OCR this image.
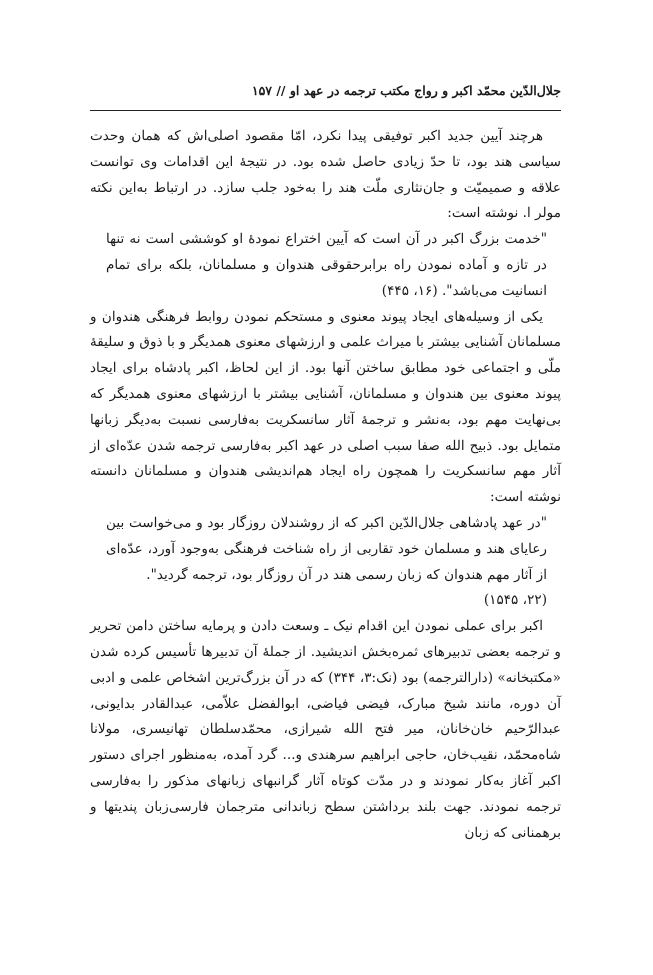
جلال‌الدّین محمّد اکبر و رواج مکتب ترجمه در عهد او // ۱۵۷

هرچند آیین جدید اکبر توفیقی پیدا نکرد، امّا مقصود اصلی‌اش که همان وحدت سیاسی هند بود، تا حدّ زیادی حاصل شده بود. در نتیجۀ این اقدامات وی توانست علاقه و صمیمیّت و جان‌نثاری ملّت هند را به‌خود جلب سازد. در ارتباط به‌این نکته مولر ا. نوشته است:

"خدمت بزرگ اکبر در آن است که آیین اختراع نمودۀ او کوششی است نه تنها در تازه و آماده نمودن راه برابرحقوقی هندوان و مسلمانان، بلکه برای تمام انسانیت می‌باشد". (۱۶، ۴۴۵)

یکی از وسیله‌های ایجاد پیوند معنوی و مستحکم نمودن روابط فرهنگی هندوان و مسلمانان آشنایی بیشتر با میراث علمی و ارزشهای معنوی همدیگر و با ذوق و سلیقۀ ملّی و اجتماعی خود مطابق ساختن آنها بود. از این لحاظ، اکبر پادشاه برای ایجاد پیوند معنوی بین هندوان و مسلمانان، آشنایی بیشتر با ارزشهای معنوی همدیگر که بی‌نهایت مهم بود، به‌نشر و ترجمۀ آثار سانسکریت به‌فارسی نسبت به‌دیگر زبانها متمایل بود. ذبیح الله صفا سبب اصلی در عهد اکبر به‌فارسی ترجمه شدن عدّه‌ای از آثار مهم سانسکریت را همچون راه ایجاد هم‌اندیشی هندوان و مسلمانان دانسته نوشته است:

"در عهد پادشاهی جلال‌الدّین اکبر که از روشندلان روزگار بود و می‌خواست بین رعایای هند و مسلمان خود تقاربی از راه شناخت فرهنگی به‌وجود آورد، عدّه‌ای از آثار مهم هندوان که زبان رسمی هند در آن روزگار بود، ترجمه گردید".

(۲۲، ۱۵۴۵)

اکبر برای عملی نمودن این اقدام نیک ـ وسعت دادن و پرمایه ساختن دامن تحریر و ترجمه بعضی تدبیرهای ثمره‌بخش اندیشید. از جملۀ آن تدبیرها تأسیس کرده شدن «مکتبخانه» (دارالترجمه) بود (نک:۳، ۳۴۴) که در آن بزرگ‌ترین اشخاص علمی و ادبی آن دوره، مانند شیخ مبارک، فیضی فیاضی، ابوالفضل علاّمی، عبدالقادر بدایونی، عبدالرّحیم خان‌خانان، میر فتح الله شیرازی، محمّدسلطان تهانیسری، مولانا شاه‌محمّد، نقیب‌خان، حاجی ابراهیم سرهندی و... گرد آمده، به‌منظور اجرای دستور اکبر آغاز به‌کار نمودند و در مدّت کوتاه آثار گرانبهای زبانهای مذکور را به‌فارسی ترجمه نمودند. جهت بلند برداشتن سطح زباندانی مترجمان فارسی‌زبان پندیتها و برهمنانی که زبان
